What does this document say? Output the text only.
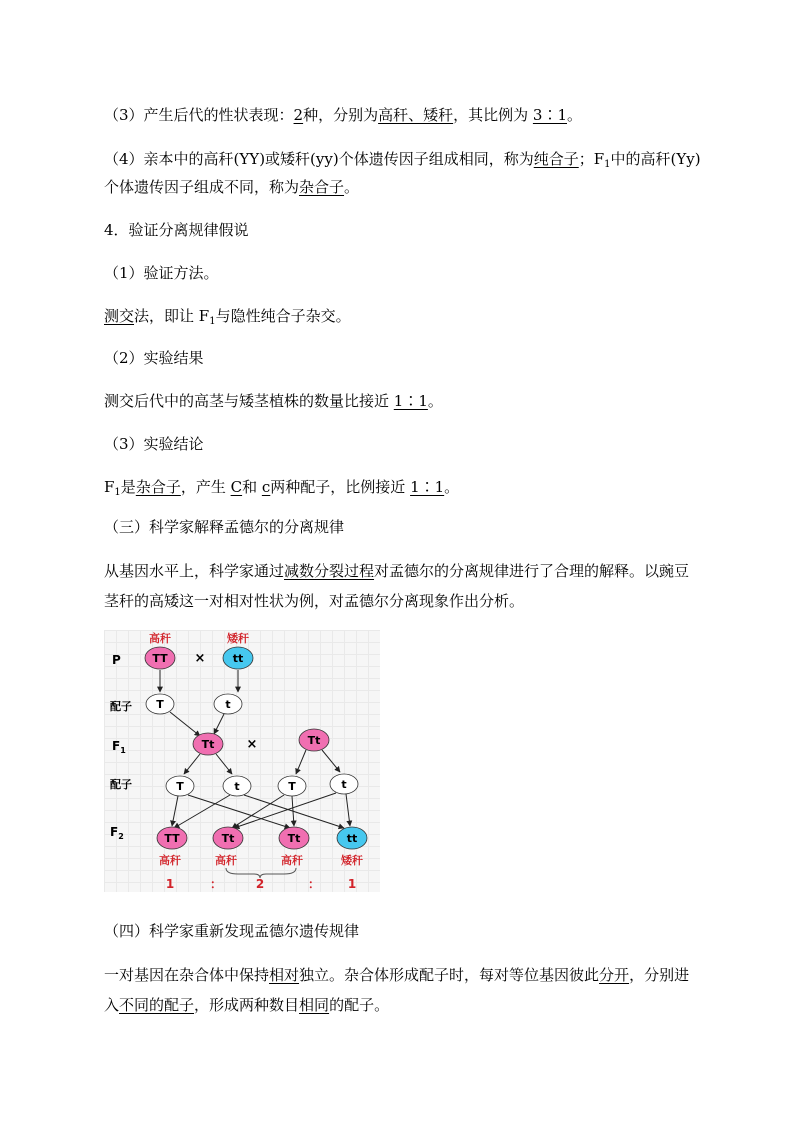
（3）产生后代的性状表现：2种，分别为高秆、矮秆，其比例为 3∶1。
（4）亲本中的高秆(YY)或矮秆(yy)个体遗传因子组成相同，称为纯合子；$F_1$中的高秆(Yy)
个体遗传因子组成不同，称为杂合子。
4．验证分离规律假说
（1）验证方法。
测交法，即让 $F_1$与隐性纯合子杂交。
（2）实验结果
测交后代中的高茎与矮茎植株的数量比接近 1∶1。
（3）实验结论
$F_1$是杂合子，产生 C和 c两种配子，比例接近 1∶1。
（三）科学家解释孟德尔的分离规律
从基因水平上，科学家通过减数分裂过程对孟德尔的分离规律进行了合理的解释。以豌豆
茎秆的高矮这一对相对性状为例，对孟德尔分离现象作出分析。
P
配子
$F_1$
配子
$F_2$
高秆	矮秆
TT × tt
T	t
Tt ×	Tt
T	t	T	t
TT	Tt	Tt	tt
高秆	高秆	高秆	矮秆
1	：	2	： 1
（四）科学家重新发现孟德尔遗传规律
一对基因在杂合体中保持相对独立。杂合体形成配子时，每对等位基因彼此分开，分别进
入不同的配子，形成两种数目相同的配子。
